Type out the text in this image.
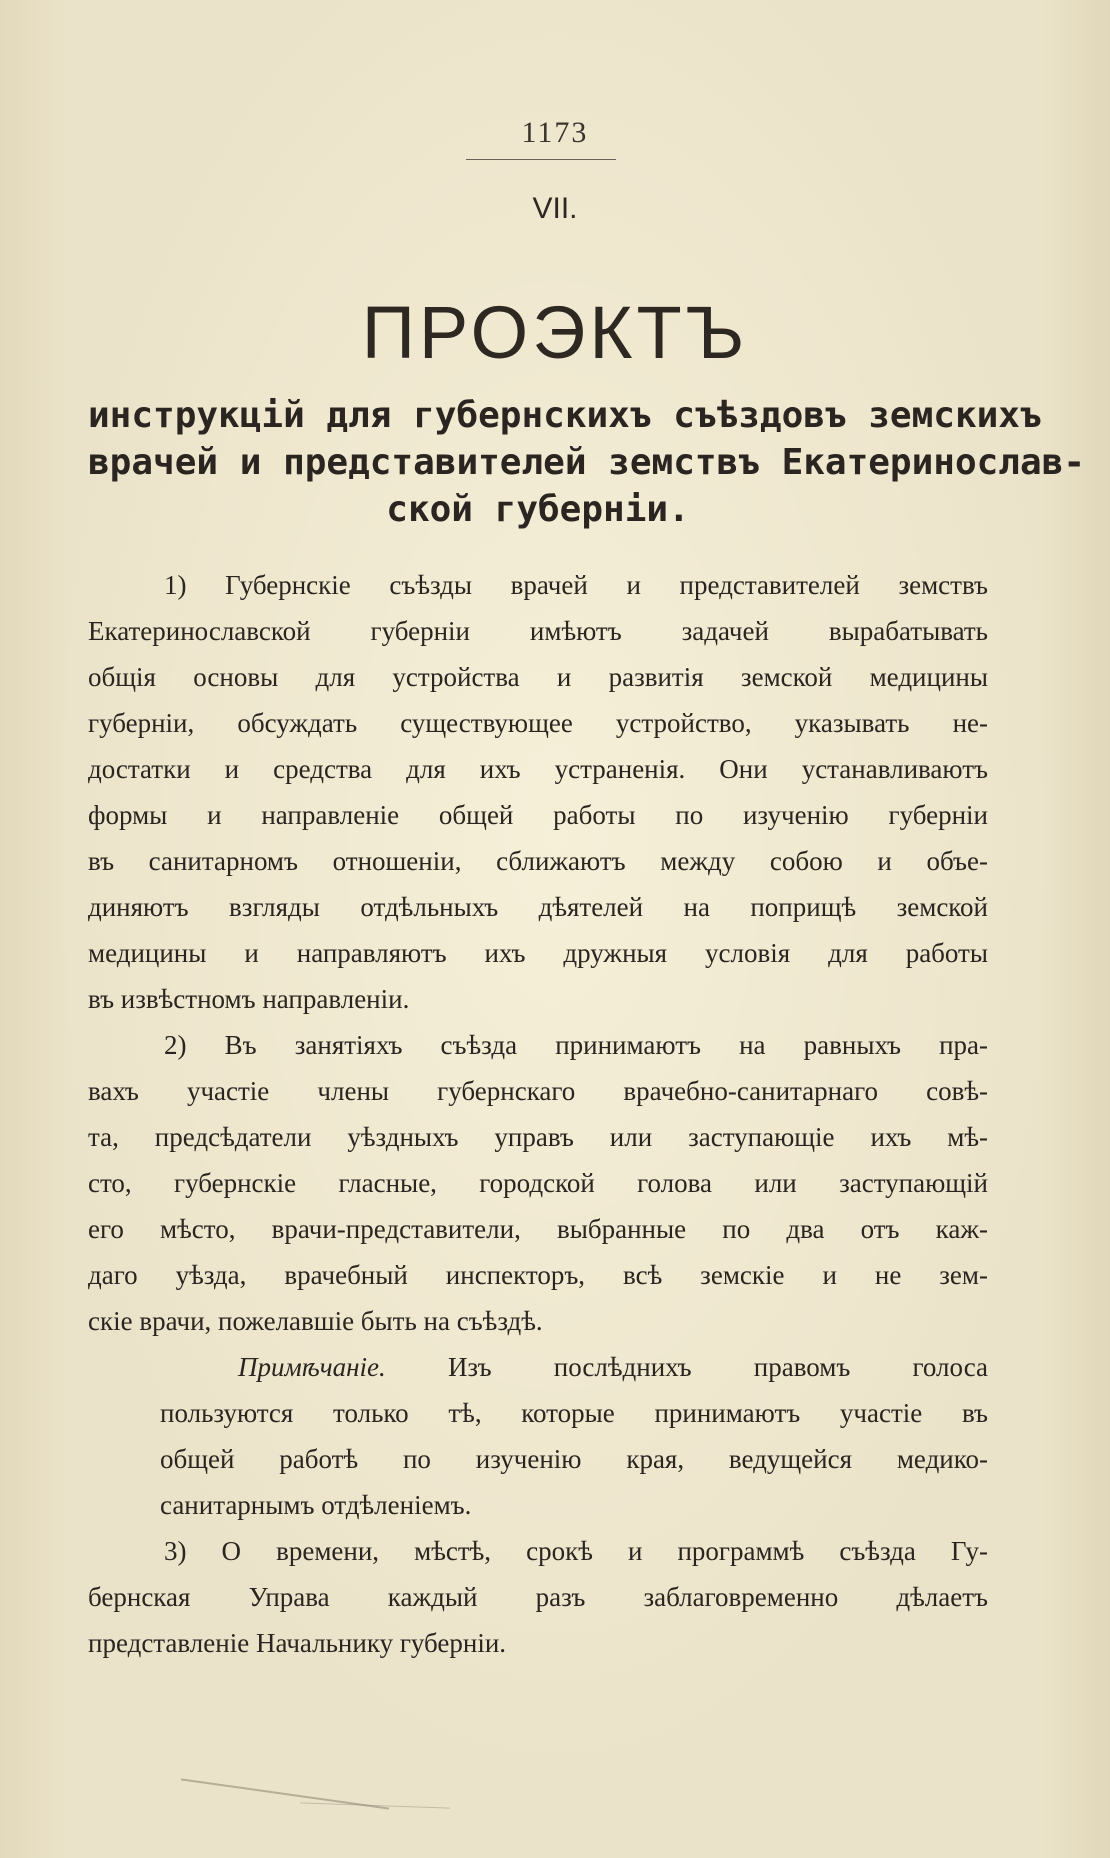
1173
VII.
ПРОЭКТЪ
инструкцій для губернскихъ съѣздовъ земскихъ
врачей и представителей земствъ Екатеринослав-
ской губерніи.
1) Губернскіе съѣзды врачей и представителей земствъ
Екатеринославской губерніи имѣютъ задачей вырабатывать
общія основы для устройства и развитія земской медицины
губерніи, обсуждать существующее устройство, указывать не-
достатки и средства для ихъ устраненія. Они устанавливаютъ
формы и направленіе общей работы по изученію губерніи
въ санитарномъ отношеніи, сближаютъ между собою и объе-
диняютъ взгляды отдѣльныхъ дѣятелей на поприщѣ земской
медицины и направляютъ ихъ дружныя условія для работы
въ извѣстномъ направленіи.
2) Въ занятіяхъ съѣзда принимаютъ на равныхъ пра-
вахъ участіе члены губернскаго врачебно-санитарнаго совѣ-
та, предсѣдатели уѣздныхъ управъ или заступающіе ихъ мѣ-
сто, губернскіе гласные, городской голова или заступающій
его мѣсто, врачи-представители, выбранные по два отъ каж-
даго уѣзда, врачебный инспекторъ, всѣ земскіе и не зем-
скіе врачи, пожелавшіе быть на съѣздѣ.
Примѣчаніе. Изъ послѣднихъ правомъ голоса
пользуются только тѣ, которые принимаютъ участіе въ
общей работѣ по изученію края, ведущейся медико-
санитарнымъ отдѣленіемъ.
3) О времени, мѣстѣ, срокѣ и программѣ съѣзда Гу-
бернская Управа каждый разъ заблаговременно дѣлаетъ
представленіе Начальнику губерніи.
